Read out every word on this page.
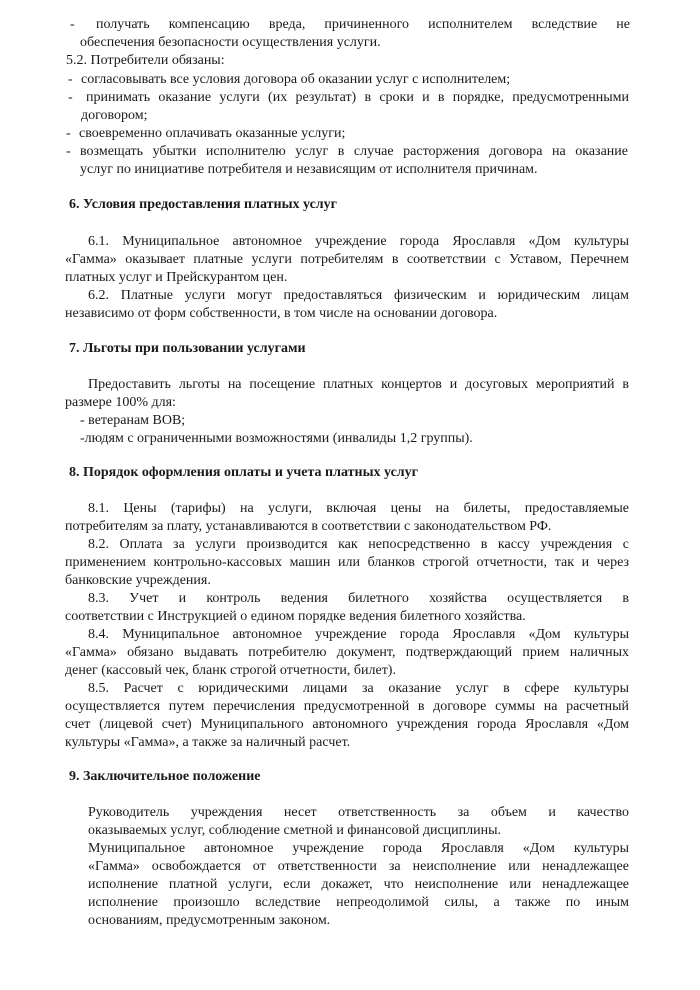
- получать компенсацию вреда, причиненного исполнителем вследствие не
обеспечения безопасности осуществления услуги.
5.2. Потребители обязаны:
- согласовывать все условия договора об оказании услуг с исполнителем;
- принимать оказание услуги (их результат) в сроки и в порядке, предусмотренными
договором;
- своевременно оплачивать оказанные услуги;
- возмещать убытки исполнителю услуг в случае расторжения договора на оказание
услуг по инициативе потребителя и независящим от исполнителя причинам.
6. Условия предоставления платных услуг
6.1. Муниципальное автономное учреждение города Ярославля «Дом культуры
«Гамма» оказывает платные услуги потребителям в соответствии с Уставом, Перечнем
платных услуг и Прейскурантом цен.
6.2. Платные услуги могут предоставляться физическим и юридическим лицам
независимо от форм собственности, в том числе на основании договора.
7. Льготы при пользовании услугами
Предоставить льготы на посещение платных концертов и досуговых мероприятий в
размере 100% для:
- ветеранам ВОВ;
-людям с ограниченными возможностями (инвалиды 1,2 группы).
8. Порядок оформления оплаты и учета платных услуг
8.1. Цены (тарифы) на услуги, включая цены на билеты, предоставляемые
потребителям за плату, устанавливаются в соответствии с законодательством РФ.
8.2. Оплата за услуги производится как непосредственно в кассу учреждения с
применением контрольно-кассовых машин или бланков строгой отчетности, так и через
банковские учреждения.
8.3. Учет и контроль ведения билетного хозяйства осуществляется в
соответствии с Инструкцией о едином порядке ведения билетного хозяйства.
8.4. Муниципальное автономное учреждение города Ярославля «Дом культуры
«Гамма» обязано выдавать потребителю документ, подтверждающий прием наличных
денег (кассовый чек, бланк строгой отчетности, билет).
8.5. Расчет с юридическими лицами за оказание услуг в сфере культуры
осуществляется путем перечисления предусмотренной в договоре суммы на расчетный
счет (лицевой счет) Муниципального автономного учреждения города Ярославля «Дом
культуры «Гамма», а также за наличный расчет.
9. Заключительное положение
Руководитель учреждения несет ответственность за объем и качество
оказываемых услуг, соблюдение сметной и финансовой дисциплины.
Муниципальное автономное учреждение города Ярославля «Дом культуры
«Гамма» освобождается от ответственности за неисполнение или ненадлежащее
исполнение платной услуги, если докажет, что неисполнение или ненадлежащее
исполнение произошло вследствие непреодолимой силы, а также по иным
основаниям, предусмотренным законом.
